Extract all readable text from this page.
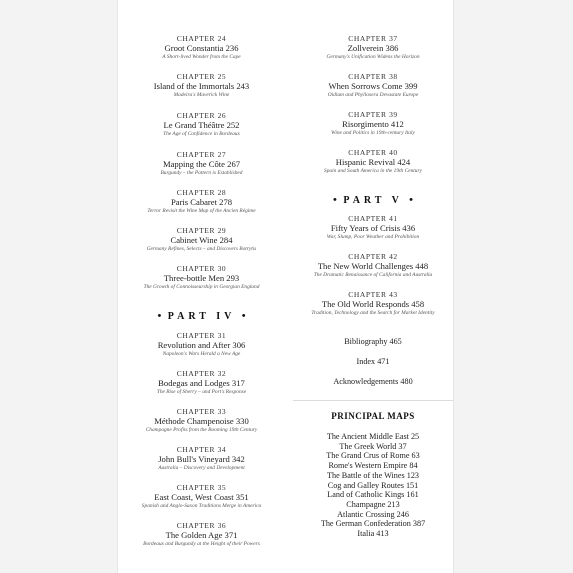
CHAPTER 24
Groot Constantia 236
A Short-lived Wonder from the Cape
CHAPTER 25
Island of the Immortals 243
Madeira's Maverick Wine
CHAPTER 26
Le Grand Théâtre 252
The Age of Confidence in Bordeaux
CHAPTER 27
Mapping the Côte 267
Burgundy – the Pattern is Established
CHAPTER 28
Paris Cabaret 278
Terror Revisit the Wine Map of the Ancien Régime
CHAPTER 29
Cabinet Wine 284
Germany Refines, Selects – and Discovers Botrytis
CHAPTER 30
Three-bottle Men 293
The Growth of Connoisseurship in Georgian England
• PART IV •
CHAPTER 31
Revolution and After 306
Napoleon's Wars Herald a New Age
CHAPTER 32
Bodegas and Lodges 317
The Rise of Sherry – and Port's Response
CHAPTER 33
Méthode Champenoise 330
Champagne Profits from the Booming 19th Century
CHAPTER 34
John Bull's Vineyard 342
Australia – Discovery and Development
CHAPTER 35
East Coast, West Coast 351
Spanish and Anglo-Saxon Traditions Merge in America
CHAPTER 36
The Golden Age 371
Bordeaux and Burgundy at the Height of their Powers
CHAPTER 37
Zollverein 386
Germany's Unification Widens the Horizon
CHAPTER 38
When Sorrows Come 399
Oidium and Phylloxera Devastate Europe
CHAPTER 39
Risorgimento 412
Wine and Politics in 19th-century Italy
CHAPTER 40
Hispanic Revival 424
Spain and South America in the 19th Century
• PART V •
CHAPTER 41
Fifty Years of Crisis 436
War, Slump, Poor Weather and Prohibition
CHAPTER 42
The New World Challenges 448
The Dramatic Renaissance of California and Australia
CHAPTER 43
The Old World Responds 458
Tradition, Technology and the Search for Market Identity
Bibliography 465
Index 471
Acknowledgements 480
PRINCIPAL MAPS
The Ancient Middle East 25
The Greek World 37
The Grand Crus of Rome 63
Rome's Western Empire 84
The Battle of the Wines 123
Cog and Galley Routes 151
Land of Catholic Kings 161
Champagne 213
Atlantic Crossing 246
The German Confederation 387
Italia 413
